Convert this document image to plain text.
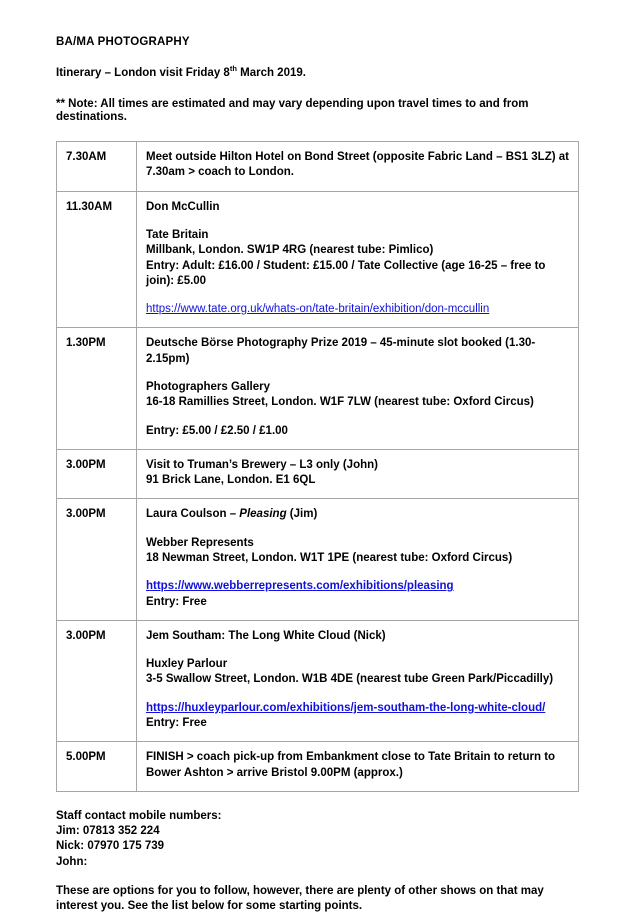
BA/MA PHOTOGRAPHY
Itinerary – London visit Friday 8th March 2019.
** Note: All times are estimated and may vary depending upon travel times to and from destinations.
7.30AM	Meet outside Hilton Hotel on Bond Street (opposite Fabric Land – BS1 3LZ) at 7.30am > coach to London.

11.30AM	Don McCullin
Tate Britain
Millbank, London. SW1P 4RG (nearest tube: Pimlico)
Entry: Adult: £16.00 / Student: £15.00 / Tate Collective (age 16-25 – free to join): £5.00
https://www.tate.org.uk/whats-on/tate-britain/exhibition/don-mccullin

1.30PM	Deutsche Börse Photography Prize 2019 – 45-minute slot booked (1.30-2.15pm)
Photographers Gallery
16-18 Ramillies Street, London. W1F 7LW (nearest tube: Oxford Circus)
Entry: £5.00 / £2.50 / £1.00

3.00PM	Visit to Truman’s Brewery – L3 only (John)
91 Brick Lane, London. E1 6QL

3.00PM	Laura Coulson – Pleasing (Jim)
Webber Represents
18 Newman Street, London. W1T 1PE (nearest tube: Oxford Circus)
https://www.webberrepresents.com/exhibitions/pleasing

Entry: Free

3.00PM	Jem Southam: The Long White Cloud (Nick)
Huxley Parlour
3-5 Swallow Street, London. W1B 4DE (nearest tube Green Park/Piccadilly)
https://huxleyparlour.com/exhibitions/jem-southam-the-long-white-cloud/

Entry: Free

5.00PM	FINISH > coach pick-up from Embankment close to Tate Britain to return to Bower Ashton > arrive Bristol 9.00PM (approx.)
Staff contact mobile numbers:
Jim: 07813 352 224
Nick: 07970 175 739
John:
These are options for you to follow, however, there are plenty of other shows on that may interest you. See the list below for some starting points.
